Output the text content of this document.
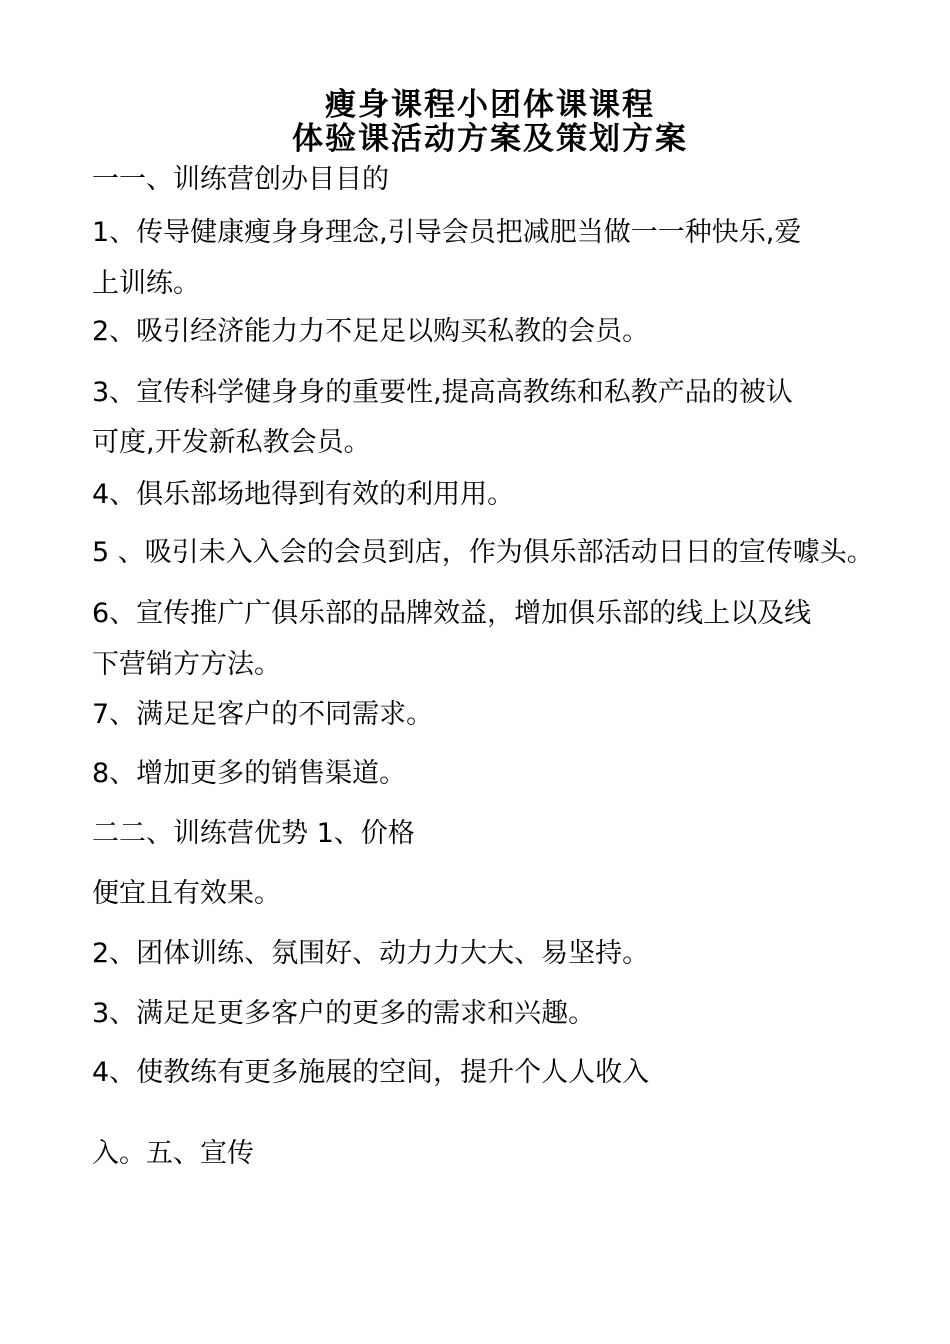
瘦身课程小团体课课程
体验课活动方案及策划方案
一一、训练营创办目目的
1、传导健康瘦身身理念,引导会员把减肥当做一一种快乐,爱
上训练。
2、吸引经济能力力不足足以购买私教的会员。
3、宣传科学健身身的重要性,提高高教练和私教产品的被认
可度,开发新私教会员。
4、俱乐部场地得到有效的利用用。
5 、吸引未入入会的会员到店，作为俱乐部活动日日的宣传噱头。
6、宣传推广广俱乐部的品牌效益，增加俱乐部的线上以及线
下营销方方法。
7、满足足客户的不同需求。
8、增加更多的销售渠道。
二二、训练营优势 1、价格
便宜且有效果。
2、团体训练、氛围好、动力力大大、易坚持。
3、满足足更多客户的更多的需求和兴趣。
4、使教练有更多施展的空间，提升个人人收入
入。五、宣传
